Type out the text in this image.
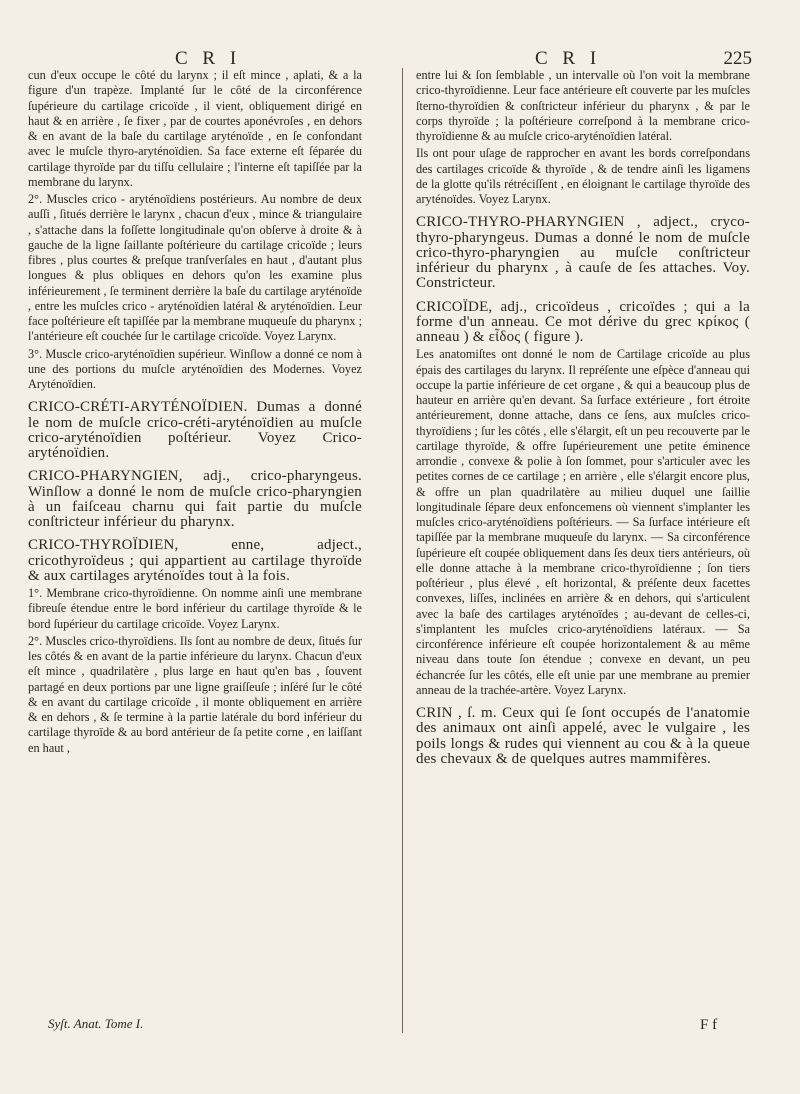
C R I	C R I	225

cun d'eux occupe le côté du larynx ; il eſt mince , aplati, & a la figure d'un trapèze. Implanté ſur le côté de la circonférence ſupérieure du cartilage cricoïde , il vient, obliquement dirigé en haut & en arrière , ſe fixer , par de courtes aponévroſes , en dehors & en avant de la baſe du cartilage aryténoïde , en ſe confondant avec le muſcle thyro-aryténoïdien. Sa face externe eſt ſéparée du cartilage thyroïde par du tiſſu cellulaire ; l'interne eſt tapiſſée par la membrane du larynx.

2°. Muscles crico - aryténoïdiens postérieurs. Au nombre de deux auſſi , ſitués derrière le larynx , chacun d'eux , mince & triangulaire , s'attache dans la foſſette longitudinale qu'on obſerve à droite & à gauche de la ligne ſaillante poſtérieure du cartilage cricoïde ; leurs fibres , plus courtes & preſque tranſverſales en haut , d'autant plus longues & plus obliques en dehors qu'on les examine plus inférieurement , ſe terminent derrière la baſe du cartilage aryténoïde , entre les muſcles crico - aryténoïdien latéral & aryténoïdien. Leur face poſtérieure eſt tapiſſée par la membrane muqueuſe du pharynx ; l'antérieure eſt couchée ſur le cartilage cricoïde. Voyez Larynx.

3°. Muscle crico-aryténoïdien supérieur. Winſlow a donné ce nom à une des portions du muſcle aryténoïdien des Modernes. Voyez Aryténoïdien.

CRICO-CRÉTI-ARYTÉNOÏDIEN. Dumas a donné le nom de muſcle crico-créti-aryténoïdien au muſcle crico-aryténoïdien poſtérieur. Voyez Crico-aryténoïdien.

CRICO-PHARYNGIEN, adj., crico-pharyngeus. Winſlow a donné le nom de muſcle crico-pharyngien à un faiſceau charnu qui fait partie du muſcle conſtricteur inférieur du pharynx.

CRICO-THYROÏDIEN, enne, adject., cricothyroïdeus ; qui appartient au cartilage thyroïde & aux cartilages aryténoïdes tout à la fois.

1°. Membrane crico-thyroïdienne. On nomme ainſi une membrane fibreuſe étendue entre le bord inférieur du cartilage thyroïde & le bord ſupérieur du cartilage cricoïde. Voyez Larynx.

2°. Muscles crico-thyroïdiens. Ils ſont au nombre de deux, ſitués ſur les côtés & en avant de la partie inférieure du larynx. Chacun d'eux eſt mince , quadrilatère , plus large en haut qu'en bas , ſouvent partagé en deux portions par une ligne graiſſeuſe ; inſéré ſur le côté & en avant du cartilage cricoïde , il monte obliquement en arrière & en dehors , & ſe termine à la partie latérale du bord inférieur du cartilage thyroïde & au bord antérieur de ſa petite corne , en laiſſant en haut ,

entre lui & ſon ſemblable , un intervalle où l'on voit la membrane crico-thyroïdienne. Leur face antérieure eſt couverte par les muſcles ſterno-thyroïdien & conſtricteur inférieur du pharynx , & par le corps thyroïde ; la poſtérieure correſpond à la membrane crico-thyroïdienne & au muſcle crico-aryténoïdien latéral.

Ils ont pour uſage de rapprocher en avant les bords correſpondans des cartilages cricoïde & thyroïde , & de tendre ainſi les ligamens de la glotte qu'ils rétréciſſent , en éloignant le cartilage thyroïde des aryténoïdes. Voyez Larynx.

CRICO-THYRO-PHARYNGIEN , adject., cryco-thyro-pharyngeus. Dumas a donné le nom de muſcle crico-thyro-pharyngien au muſcle conſtricteur inférieur du pharynx , à cauſe de ſes attaches. Voy. Constricteur.

CRICOÏDE, adj., cricoïdeus , cricoïdes ; qui a la forme d'un anneau. Ce mot dérive du grec κρίκος ( anneau ) & εἶδος ( figure ).

Les anatomiſtes ont donné le nom de Cartilage cricoïde au plus épais des cartilages du larynx. Il repréſente une eſpèce d'anneau qui occupe la partie inférieure de cet organe , & qui a beaucoup plus de hauteur en arrière qu'en devant. Sa ſurface extérieure , fort étroite antérieurement, donne attache, dans ce ſens, aux muſcles crico-thyroïdiens ; ſur les côtés , elle s'élargit, eſt un peu recouverte par le cartilage thyroïde, & offre ſupérieurement une petite éminence arrondie , convexe & polie à ſon ſommet, pour s'articuler avec les petites cornes de ce cartilage ; en arrière , elle s'élargit encore plus, & offre un plan quadrilatère au milieu duquel une ſaillie longitudinale ſépare deux enfoncemens où viennent s'implanter les muſcles crico-aryténoïdiens poſtérieurs. — Sa ſurface intérieure eſt tapiſſée par la membrane muqueuſe du larynx. — Sa circonférence ſupérieure eſt coupée obliquement dans ſes deux tiers antérieurs, où elle donne attache à la membrane crico-thyroïdienne ; ſon tiers poſtérieur , plus élevé , eſt horizontal, & préſente deux facettes convexes, liſſes, inclinées en arrière & en dehors, qui s'articulent avec la baſe des cartilages aryténoïdes ; au-devant de celles-ci, s'implantent les muſcles crico-aryténoïdiens latéraux. — Sa circonférence inférieure eſt coupée horizontalement & au même niveau dans toute ſon étendue ; convexe en devant, un peu échancrée ſur les côtés, elle eſt unie par une membrane au premier anneau de la trachée-artère. Voyez Larynx.

CRIN , ſ. m. Ceux qui ſe ſont occupés de l'anatomie des animaux ont ainſi appelé, avec le vulgaire , les poils longs & rudes qui viennent au cou & à la queue des chevaux & de quelques autres mammifères.

Syſt. Anat. Tome I.	F f
